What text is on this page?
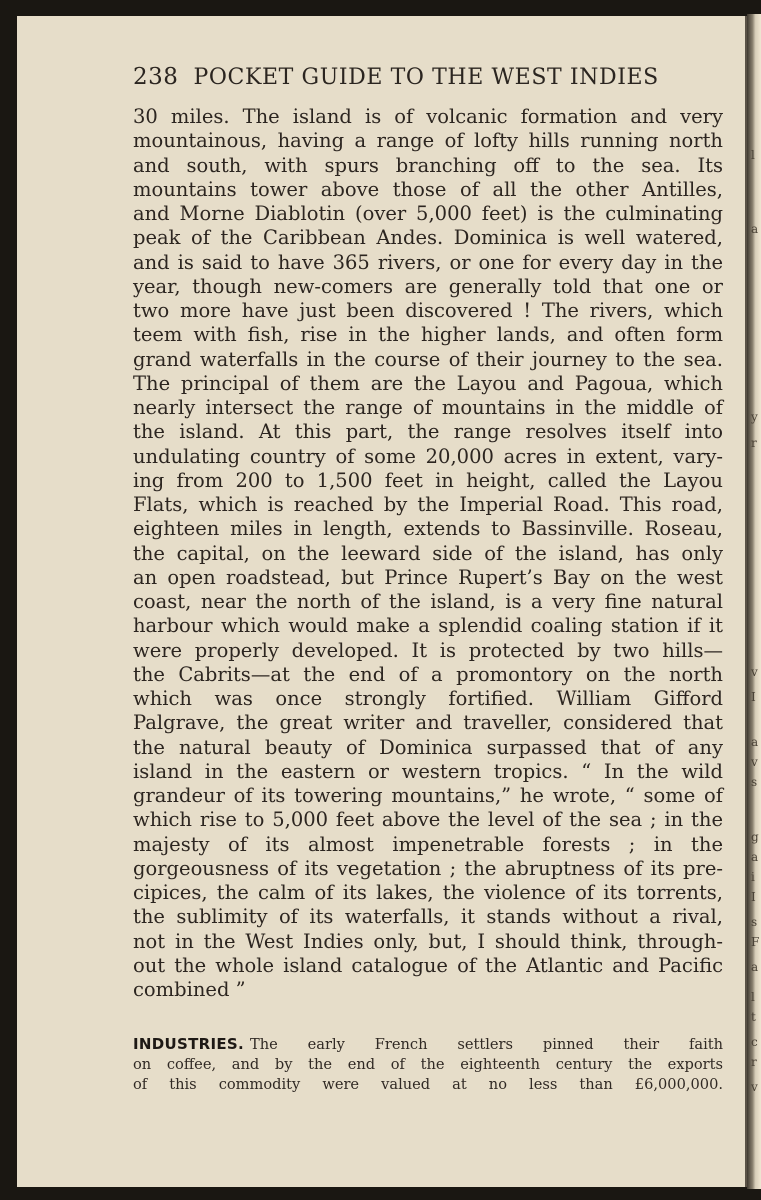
l
a
y
r
v
I
a
v
s
g
a
i
I
s
F
a
l
t
c
r
v
238 POCKET GUIDE TO THE WEST INDIES
30 miles. The island is of volcanic formation and very
mountainous, having a range of lofty hills running north
and south, with spurs branching off to the sea. Its
mountains tower above those of all the other Antilles,
and Morne Diablotin (over 5,000 feet) is the culminating
peak of the Caribbean Andes. Dominica is well watered,
and is said to have 365 rivers, or one for every day in the
year, though new-comers are generally told that one or
two more have just been discovered ! The rivers, which
teem with fish, rise in the higher lands, and often form
grand waterfalls in the course of their journey to the sea.
The principal of them are the Layou and Pagoua, which
nearly intersect the range of mountains in the middle of
the island. At this part, the range resolves itself into
undulating country of some 20,000 acres in extent, vary-
ing from 200 to 1,500 feet in height, called the Layou
Flats, which is reached by the Imperial Road. This road,
eighteen miles in length, extends to Bassinville. Roseau,
the capital, on the leeward side of the island, has only
an open roadstead, but Prince Rupert’s Bay on the west
coast, near the north of the island, is a very fine natural
harbour which would make a splendid coaling station if it
were properly developed. It is protected by two hills—
the Cabrits—at the end of a promontory on the north
which was once strongly fortified. William Gifford
Palgrave, the great writer and traveller, considered that
the natural beauty of Dominica surpassed that of any
island in the eastern or western tropics. “ In the wild
grandeur of its towering mountains,” he wrote, “ some of
which rise to 5,000 feet above the level of the sea ; in the
majesty of its almost impenetrable forests ; in the
gorgeousness of its vegetation ; the abruptness of its pre-
cipices, the calm of its lakes, the violence of its torrents,
the sublimity of its waterfalls, it stands without a rival,
not in the West Indies only, but, I should think, through-
out the whole island catalogue of the Atlantic and Pacific
combined ”
INDUSTRIES. The early French settlers pinned their faith
on coffee, and by the end of the eighteenth century the exports
of this commodity were valued at no less than £6,000,000.
